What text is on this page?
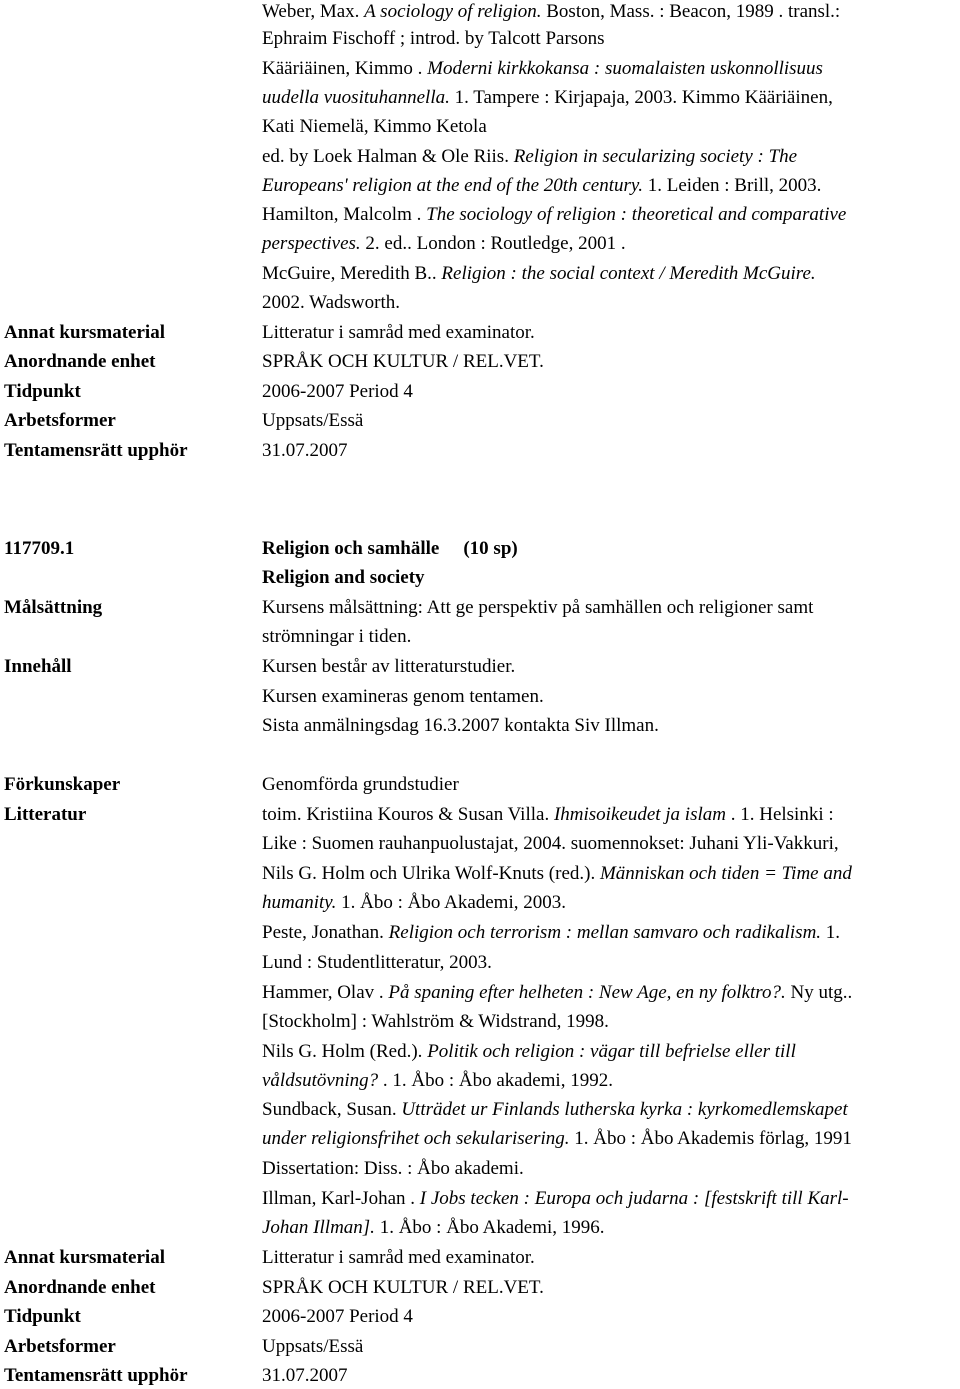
Weber, Max. A sociology of religion. Boston, Mass. : Beacon, 1989 . transl.:
Ephraim Fischoff ; introd. by Talcott Parsons
Kääriäinen, Kimmo . Moderni kirkkokansa : suomalaisten uskonnollisuus
uudella vuosituhannella. 1. Tampere : Kirjapaja, 2003. Kimmo Kääriäinen,
Kati Niemelä, Kimmo Ketola
ed. by Loek Halman & Ole Riis. Religion in secularizing society : The
Europeans' religion at the end of the 20th century. 1. Leiden : Brill, 2003.
Hamilton, Malcolm . The sociology of religion : theoretical and comparative
perspectives. 2. ed.. London : Routledge, 2001 .
McGuire, Meredith B.. Religion : the social context / Meredith McGuire.
2002. Wadsworth.
Annat kursmaterial	Litteratur i samråd med examinator.
Anordnande enhet	SPRÅK OCH KULTUR / REL.VET.
Tidpunkt	2006-2007 Period 4
Arbetsformer	Uppsats/Essä
Tentamensrätt upphör	31.07.2007
117709.1	Religion och samhälle (10 sp)
Religion and society
Målsättning	Kursens målsättning: Att ge perspektiv på samhällen och religioner samt
strömningar i tiden.
Innehåll	Kursen består av litteraturstudier.
Kursen examineras genom tentamen.
Sista anmälningsdag 16.3.2007 kontakta Siv Illman.
Förkunskaper	Genomförda grundstudier
Litteratur	toim. Kristiina Kouros & Susan Villa. Ihmisoikeudet ja islam . 1. Helsinki :
Like : Suomen rauhanpuolustajat, 2004. suomennokset: Juhani Yli-Vakkuri,
Nils G. Holm och Ulrika Wolf-Knuts (red.). Människan och tiden = Time and
humanity. 1. Åbo : Åbo Akademi, 2003.
Peste, Jonathan. Religion och terrorism : mellan samvaro och radikalism. 1.
Lund : Studentlitteratur, 2003.
Hammer, Olav . På spaning efter helheten : New Age, en ny folktro?. Ny utg..
[Stockholm] : Wahlström & Widstrand, 1998.
Nils G. Holm (Red.). Politik och religion : vägar till befrielse eller till
våldsutövning? . 1. Åbo : Åbo akademi, 1992.
Sundback, Susan. Utträdet ur Finlands lutherska kyrka : kyrkomedlemskapet
under religionsfrihet och sekularisering. 1. Åbo : Åbo Akademis förlag, 1991
Dissertation: Diss. : Åbo akademi.
Illman, Karl-Johan . I Jobs tecken : Europa och judarna : [festskrift till Karl-
Johan Illman]. 1. Åbo : Åbo Akademi, 1996.
Annat kursmaterial	Litteratur i samråd med examinator.
Anordnande enhet	SPRÅK OCH KULTUR / REL.VET.
Tidpunkt	2006-2007 Period 4
Arbetsformer	Uppsats/Essä
Tentamensrätt upphör	31.07.2007
